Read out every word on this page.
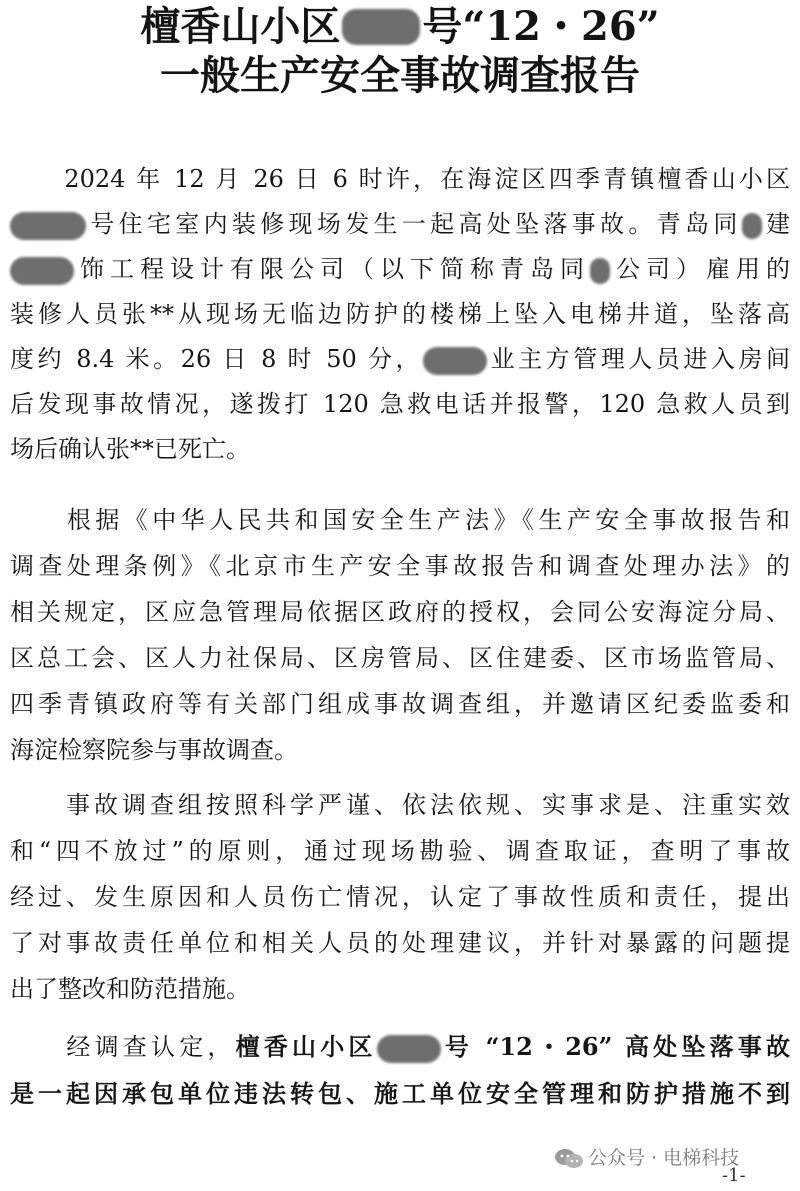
檀香山小区 号“12・26”
一般生产安全事故调查报告
　　2024 年 12 月 26 日 6 时许，在海淀区四季青镇檀香山小区
号住宅室内装修现场发生一起高处坠落事故。青岛同 建
饰工程设计有限公司（以下简称青岛同 公司）雇用的
装修人员张**从现场无临边防护的楼梯上坠入电梯井道，坠落高
度约 8.4 米。26 日 8 时 50 分，	业主方管理人员进入房间
后发现事故情况，遂拨打 120 急救电话并报警，120 急救人员到
场后确认张**已死亡。
　　根据《中华人民共和国安全生产法》《生产安全事故报告和
调查处理条例》《北京市生产安全事故报告和调查处理办法》的
相关规定，区应急管理局依据区政府的授权，会同公安海淀分局、
区总工会、区人力社保局、区房管局、区住建委、区市场监管局、
四季青镇政府等有关部门组成事故调查组，并邀请区纪委监委和
海淀检察院参与事故调查。
　　事故调查组按照科学严谨、依法依规、实事求是、注重实效
和“四不放过”的原则，通过现场勘验、调查取证，查明了事故
经过、发生原因和人员伤亡情况，认定了事故性质和责任，提出
了对事故责任单位和相关人员的处理建议，并针对暴露的问题提
出了整改和防范措施。
　　经调查认定，檀香山小区	号 “12・26” 高处坠落事故
是一起因承包单位违法转包、施工单位安全管理和防护措施不到
公众号 · 电梯科技
-1-
